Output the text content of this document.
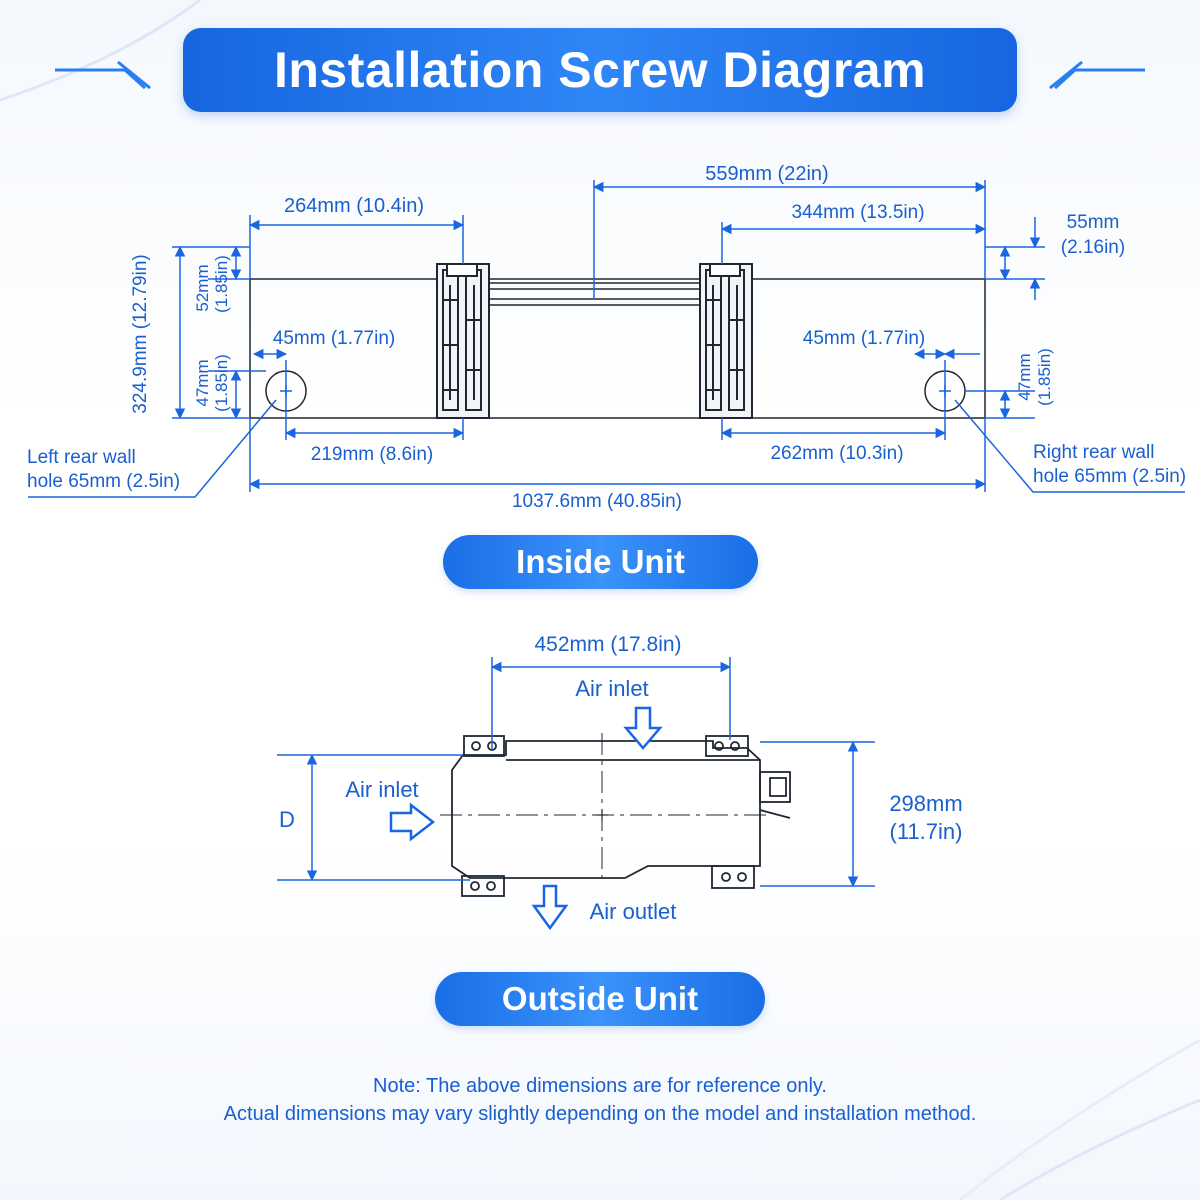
559mm (22in)
264mm (10.4in)	344mm (13.5in)	55mm
(2.16in)
324.9mm (12.79in) 52mm (1.85in)
47mm (1.85in)	47mm (1.85in)
45mm (1.77in)	45mm (1.77in)
219mm (8.6in)	262mm (10.3in)
1037.6mm (40.85in)
Left rear wall
hole 65mm (2.5in)
Right rear wall
hole 65mm (2.5in)
452mm (17.8in)
Air inlet
Air inlet
Air outlet
D
298mm
(11.7in)
Installation Screw Diagram
Inside Unit
Outside Unit
Note: The above dimensions are for reference only.
Actual dimensions may vary slightly depending on the model and installation method.
